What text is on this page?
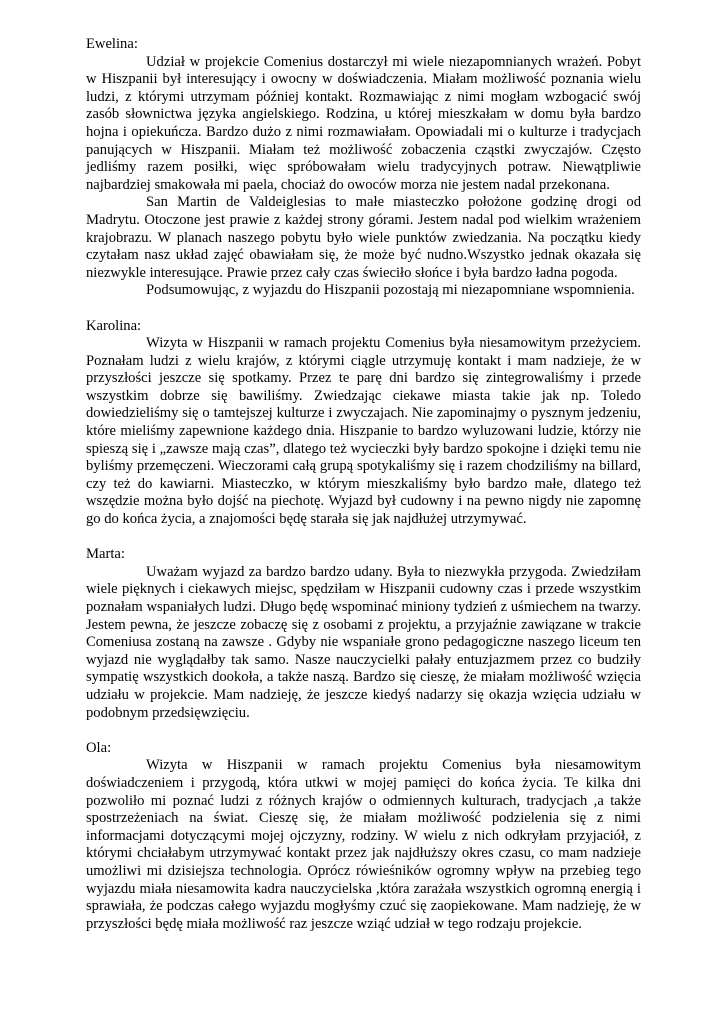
Ewelina:

Udział w projekcie Comenius dostarczył mi wiele niezapomnianych wrażeń. Pobyt w Hiszpanii był interesujący i owocny w doświadczenia. Miałam możliwość poznania wielu ludzi, z którymi utrzymam później kontakt. Rozmawiając z nimi mogłam wzbogacić swój zasób słownictwa języka angielskiego. Rodzina, u której mieszkałam w domu była bardzo hojna i opiekuńcza. Bardzo dużo z nimi rozmawiałam. Opowiadali mi o kulturze i tradycjach panujących w Hiszpanii. Miałam też możliwość zobaczenia cząstki zwyczajów. Często jedliśmy razem posiłki, więc spróbowałam wielu tradycyjnych potraw. Niewątpliwie najbardziej smakowała mi paela, chociaż do owoców morza nie jestem nadal przekonana.

San Martin de Valdeiglesias to małe miasteczko położone godzinę drogi od Madrytu. Otoczone jest prawie z każdej strony górami. Jestem nadal pod wielkim wrażeniem krajobrazu. W planach naszego pobytu było wiele punktów zwiedzania. Na początku kiedy czytałam nasz układ zajęć obawiałam się, że może być nudno.Wszystko jednak okazała się niezwykle interesujące. Prawie przez cały czas świeciło słońce i była bardzo ładna pogoda.

Podsumowując, z wyjazdu do Hiszpanii pozostają mi niezapomniane wspomnienia.

Karolina:

Wizyta w Hiszpanii w ramach projektu Comenius była niesamowitym przeżyciem. Poznałam ludzi z wielu krajów, z którymi ciągle utrzymuję kontakt i mam nadzieje, że w przyszłości jeszcze się spotkamy. Przez te parę dni bardzo się zintegrowaliśmy i przede wszystkim dobrze się bawiliśmy. Zwiedzając ciekawe miasta takie jak np. Toledo dowiedzieliśmy się o tamtejszej kulturze i zwyczajach. Nie zapominajmy o pysznym jedzeniu, które mieliśmy zapewnione każdego dnia. Hiszpanie to bardzo wyluzowani ludzie, którzy nie spieszą się i „zawsze mają czas”, dlatego też wycieczki były bardzo spokojne i dzięki temu nie byliśmy przemęczeni. Wieczorami całą grupą spotykaliśmy się i razem chodziliśmy na billard, czy też do kawiarni. Miasteczko, w którym mieszkaliśmy było bardzo małe, dlatego też wszędzie można było dojść na piechotę. Wyjazd był cudowny i na pewno nigdy nie zapomnę go do końca życia, a znajomości będę starała się jak najdłużej utrzymywać.

Marta:

Uważam wyjazd za bardzo bardzo udany. Była to niezwykła przygoda. Zwiedziłam wiele pięknych i ciekawych miejsc, spędziłam w Hiszpanii cudowny czas i przede wszystkim poznałam wspaniałych ludzi. Długo będę wspominać miniony tydzień z uśmiechem na twarzy. Jestem pewna, że jeszcze zobaczę się z osobami z projektu, a przyjaźnie zawiązane w trakcie Comeniusa zostaną na zawsze . Gdyby nie wspaniałe grono pedagogiczne naszego liceum ten wyjazd nie wyglądałby tak samo. Nasze nauczycielki pałały entuzjazmem przez co budziły sympatię wszystkich dookoła, a także naszą. Bardzo się cieszę, że miałam możliwość wzięcia udziału w projekcie. Mam nadzieję, że jeszcze kiedyś nadarzy się okazja wzięcia udziału w podobnym przedsięwzięciu.

Ola:

Wizyta w Hiszpanii w ramach projektu Comenius była niesamowitym doświadczeniem i przygodą, która utkwi w mojej pamięci do końca życia. Te kilka dni pozwoliło mi poznać ludzi z różnych krajów o odmiennych kulturach, tradycjach ,a także spostrzeżeniach na świat. Cieszę się, że miałam możliwość podzielenia się z nimi informacjami dotyczącymi mojej ojczyzny, rodziny. W wielu z nich odkryłam przyjaciół, z którymi chciałabym utrzymywać kontakt przez jak najdłuższy okres czasu, co mam nadzieje umożliwi mi dzisiejsza technologia. Oprócz rówieśników ogromny wpływ na przebieg tego wyjazdu miała niesamowita kadra nauczycielska ,która zarażała wszystkich ogromną energią i sprawiała, że podczas całego wyjazdu mogłyśmy czuć się zaopiekowane. Mam nadzieję, że w przyszłości będę miała możliwość raz jeszcze wziąć udział w tego rodzaju projekcie.
